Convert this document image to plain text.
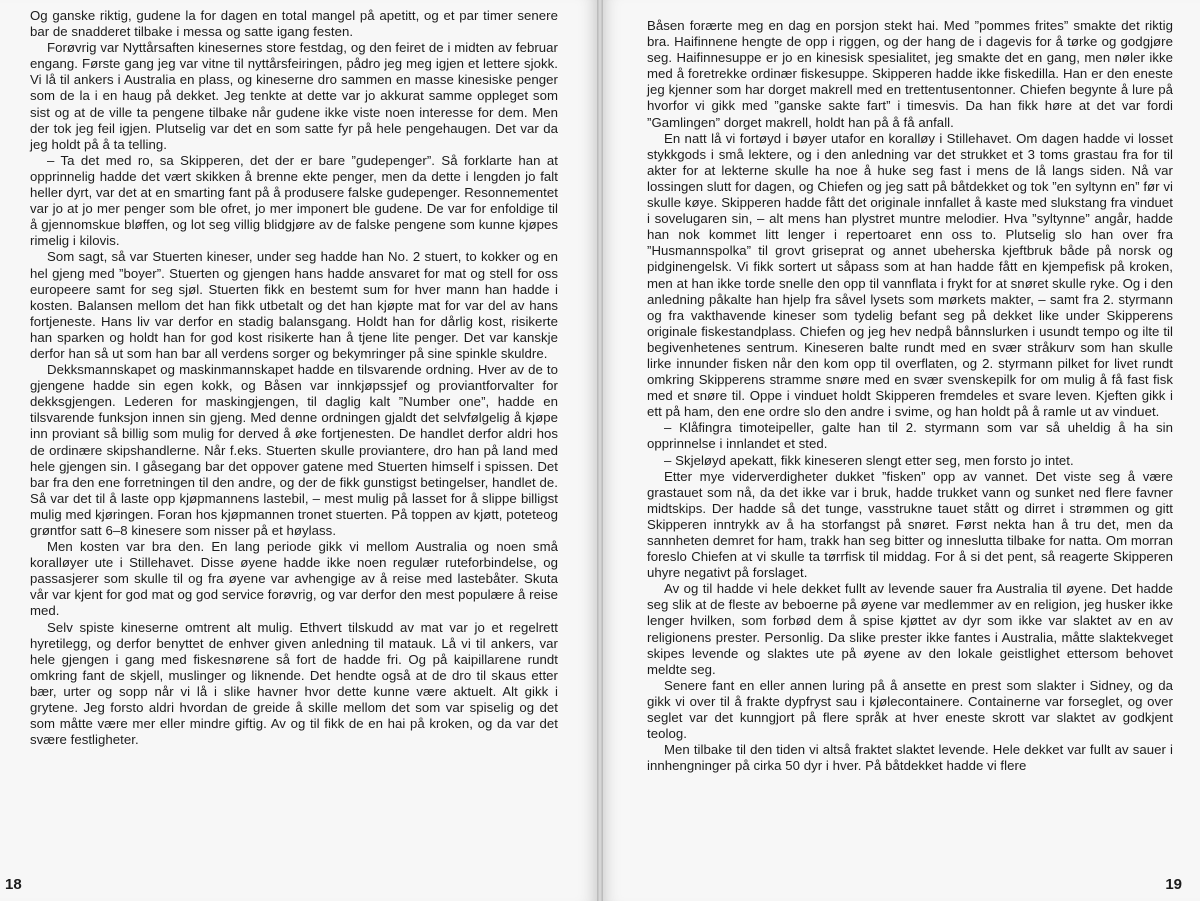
Og ganske riktig, gudene la for dagen en total mangel på apetitt, og et par timer senere bar de snadderet tilbake i messa og satte igang festen.

Forøvrig var Nyttårsaften kinesernes store festdag, og den feiret de i midten av februar engang. Første gang jeg var vitne til nyttårsfeiringen, pådro jeg meg igjen et lettere sjokk. Vi lå til ankers i Australia en plass, og kineserne dro sammen en masse kinesiske penger som de la i en haug på dekket. Jeg tenkte at dette var jo akkurat samme oppleget som sist og at de ville ta pengene tilbake når gudene ikke viste noen interesse for dem. Men der tok jeg feil igjen. Plutselig var det en som satte fyr på hele pengehaugen. Det var da jeg holdt på å ta telling.

– Ta det med ro, sa Skipperen, det der er bare ”gudepenger”. Så forklarte han at opprinnelig hadde det vært skikken å brenne ekte penger, men da dette i lengden jo falt heller dyrt, var det at en smarting fant på å produsere falske gudepenger. Resonnementet var jo at jo mer penger som ble ofret, jo mer imponert ble gudene. De var for enfoldige til å gjennomskue bløffen, og lot seg villig blidgjøre av de falske pengene som kunne kjøpes rimelig i kilovis.

Som sagt, så var Stuerten kineser, under seg hadde han No. 2 stuert, to kokker og en hel gjeng med ”boyer”. Stuerten og gjengen hans hadde ansvaret for mat og stell for oss europeere samt for seg sjøl. Stuerten fikk en bestemt sum for hver mann han hadde i kosten. Balansen mellom det han fikk utbetalt og det han kjøpte mat for var del av hans fortjeneste. Hans liv var derfor en stadig balansgang. Holdt han for dårlig kost, risikerte han sparken og holdt han for god kost risikerte han å tjene lite penger. Det var kanskje derfor han så ut som han bar all verdens sorger og bekymringer på sine spinkle skuldre.

Dekksmannskapet og maskinmannskapet hadde en tilsvarende ordning. Hver av de to gjengene hadde sin egen kokk, og Båsen var innkjøpssjef og proviantforvalter for dekksgjengen. Lederen for maskingjengen, til daglig kalt ”Number one”, hadde en tilsvarende funksjon innen sin gjeng. Med denne ordningen gjaldt det selvfølgelig å kjøpe inn proviant så billig som mulig for derved å øke fortjenesten. De handlet derfor aldri hos de ordinære skipshandlerne. Når f.eks. Stuerten skulle proviantere, dro han på land med hele gjengen sin. I gåsegang bar det oppover gatene med Stuerten himself i spissen. Det bar fra den ene forretningen til den andre, og der de fikk gunstigst betingelser, handlet de. Så var det til å laste opp kjøpmannens lastebil, – mest mulig på lasset for å slippe billigst mulig med kjøringen. Foran hos kjøpmannen tronet stuerten. På toppen av kjøtt, poteteog grøntfor satt 6–8 kinesere som nisser på et høylass.

Men kosten var bra den. En lang periode gikk vi mellom Australia og noen små koralløyer ute i Stillehavet. Disse øyene hadde ikke noen regulær ruteforbindelse, og passasjerer som skulle til og fra øyene var avhengige av å reise med lastebåter. Skuta vår var kjent for god mat og god service forøvrig, og var derfor den mest populære å reise med.

Selv spiste kineserne omtrent alt mulig. Ethvert tilskudd av mat var jo et regelrett hyretilegg, og derfor benyttet de enhver given anledning til matauk. Lå vi til ankers, var hele gjengen i gang med fiskesnørene så fort de hadde fri. Og på kaipillarene rundt omkring fant de skjell, muslinger og liknende. Det hendte også at de dro til skaus etter bær, urter og sopp når vi lå i slike havner hvor dette kunne være aktuelt. Alt gikk i grytene. Jeg forsto aldri hvordan de greide å skille mellom det som var spiselig og det som måtte være mer eller mindre giftig. Av og til fikk de en hai på kroken, og da var det svære festligheter.

18

Båsen forærte meg en dag en porsjon stekt hai. Med ”pommes frites” smakte det riktig bra. Haifinnene hengte de opp i riggen, og der hang de i dagevis for å tørke og godgjøre seg. Haifinnesuppe er jo en kinesisk spesialitet, jeg smakte det en gang, men nøler ikke med å foretrekke ordinær fiskesuppe. Skipperen hadde ikke fiskedilla. Han er den eneste jeg kjenner som har dorget makrell med en trettentusentonner. Chiefen begynte å lure på hvorfor vi gikk med ”ganske sakte fart” i timesvis. Da han fikk høre at det var fordi ”Gamlingen” dorget makrell, holdt han på å få anfall.

En natt lå vi fortøyd i bøyer utafor en koralløy i Stillehavet. Om dagen hadde vi losset stykkgods i små lektere, og i den anledning var det strukket et 3 toms grastau fra for til akter for at lekterne skulle ha noe å huke seg fast i mens de lå langs siden. Nå var lossingen slutt for dagen, og Chiefen og jeg satt på båtdekket og tok ”en syltynn en” før vi skulle køye. Skipperen hadde fått det originale innfallet å kaste med slukstang fra vinduet i sovelugaren sin, – alt mens han plystret muntre melodier. Hva ”syltynne” angår, hadde han nok kommet litt lenger i repertoaret enn oss to. Plutselig slo han over fra ”Husmannspolka” til grovt griseprat og annet ubeherska kjeftbruk både på norsk og pidginengelsk. Vi fikk sortert ut såpass som at han hadde fått en kjempefisk på kroken, men at han ikke torde snelle den opp til vannflata i frykt for at snøret skulle ryke. Og i den anledning påkalte han hjelp fra såvel lysets som mørkets makter, – samt fra 2. styrmann og fra vakthavende kineser som tydelig befant seg på dekket like under Skipperens originale fiskestandplass. Chiefen og jeg hev nedpå bånnslurken i usundt tempo og ilte til begivenhetenes sentrum. Kineseren balte rundt med en svær stråkurv som han skulle lirke innunder fisken når den kom opp til overflaten, og 2. styrmann pilket for livet rundt omkring Skipperens stramme snøre med en svær svenskepilk for om mulig å få fast fisk med et snøre til. Oppe i vinduet holdt Skipperen fremdeles et svare leven. Kjeften gikk i ett på ham, den ene ordre slo den andre i svime, og han holdt på å ramle ut av vinduet.

– Klåfingra timoteipeller, galte han til 2. styrmann som var så uheldig å ha sin opprinnelse i innlandet et sted.

– Skjeløyd apekatt, fikk kineseren slengt etter seg, men forsto jo intet.

Etter mye viderverdigheter dukket ”fisken” opp av vannet. Det viste seg å være grastauet som nå, da det ikke var i bruk, hadde trukket vann og sunket ned flere favner midtskips. Der hadde så det tunge, vasstrukne tauet stått og dirret i strømmen og gitt Skipperen inntrykk av å ha storfangst på snøret. Først nekta han å tru det, men da sannheten demret for ham, trakk han seg bitter og inneslutta tilbake for natta. Om morran foreslo Chiefen at vi skulle ta tørrfisk til middag. For å si det pent, så reagerte Skipperen uhyre negativt på forslaget.

Av og til hadde vi hele dekket fullt av levende sauer fra Australia til øyene. Det hadde seg slik at de fleste av beboerne på øyene var medlemmer av en religion, jeg husker ikke lenger hvilken, som forbød dem å spise kjøttet av dyr som ikke var slaktet av en av religionens prester. Personlig. Da slike prester ikke fantes i Australia, måtte slaktekveget skipes levende og slaktes ute på øyene av den lokale geistlighet ettersom behovet meldte seg.

Senere fant en eller annen luring på å ansette en prest som slakter i Sidney, og da gikk vi over til å frakte dypfryst sau i kjølecontainere. Containerne var forseglet, og over seglet var det kunngjort på flere språk at hver eneste skrott var slaktet av godkjent teolog.

Men tilbake til den tiden vi altså fraktet slaktet levende. Hele dekket var fullt av sauer i innhengninger på cirka 50 dyr i hver. På båtdekket hadde vi flere

19
